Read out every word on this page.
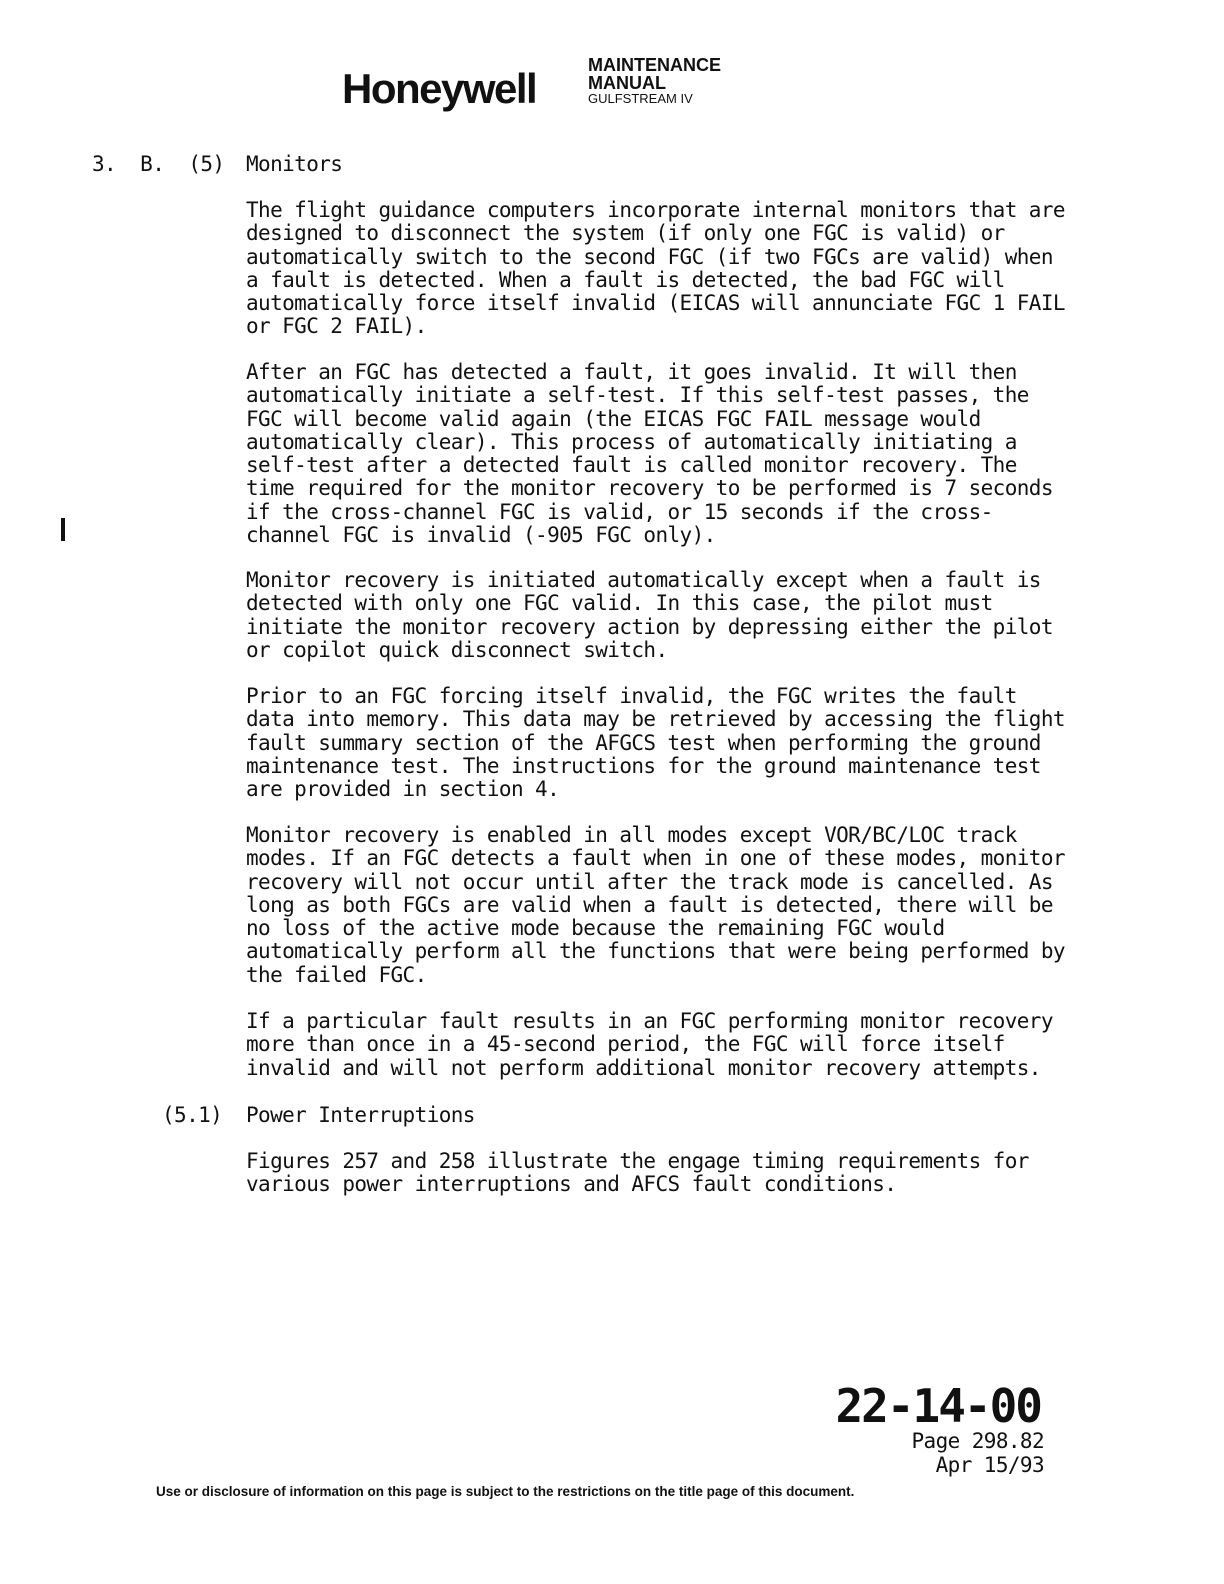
Honeywell	MAINTENANCE
MANUAL
GULFSTREAM IV
3.  B.  (5) Monitors
The flight guidance computers incorporate internal monitors that are designed to disconnect the system (if only one FGC is valid) or automatically switch to the second FGC (if two FGCs are valid) when a fault is detected. When a fault is detected, the bad FGC will automatically force itself invalid (EICAS will annunciate FGC 1 FAIL or FGC 2 FAIL).
After an FGC has detected a fault, it goes invalid. It will then automatically initiate a self-test. If this self-test passes, the FGC will become valid again (the EICAS FGC FAIL message would automatically clear). This process of automatically initiating a self-test after a detected fault is called monitor recovery. The time required for the monitor recovery to be performed is 7 seconds if the cross-channel FGC is valid, or 15 seconds if the cross-channel FGC is invalid (-905 FGC only).
Monitor recovery is initiated automatically except when a fault is detected with only one FGC valid. In this case, the pilot must initiate the monitor recovery action by depressing either the pilot or copilot quick disconnect switch.
Prior to an FGC forcing itself invalid, the FGC writes the fault data into memory. This data may be retrieved by accessing the flight fault summary section of the AFGCS test when performing the ground maintenance test. The instructions for the ground maintenance test are provided in section 4.
Monitor recovery is enabled in all modes except VOR/BC/LOC track modes. If an FGC detects a fault when in one of these modes, monitor recovery will not occur until after the track mode is cancelled. As long as both FGCs are valid when a fault is detected, there will be no loss of the active mode because the remaining FGC would automatically perform all the functions that were being performed by the failed FGC.
If a particular fault results in an FGC performing monitor recovery more than once in a 45-second period, the FGC will force itself invalid and will not perform additional monitor recovery attempts.
(5.1) Power Interruptions
Figures 257 and 258 illustrate the engage timing requirements for various power interruptions and AFCS fault conditions.
22-14-00
Page 298.82
Apr 15/93
Use or disclosure of information on this page is subject to the restrictions on the title page of this document.
